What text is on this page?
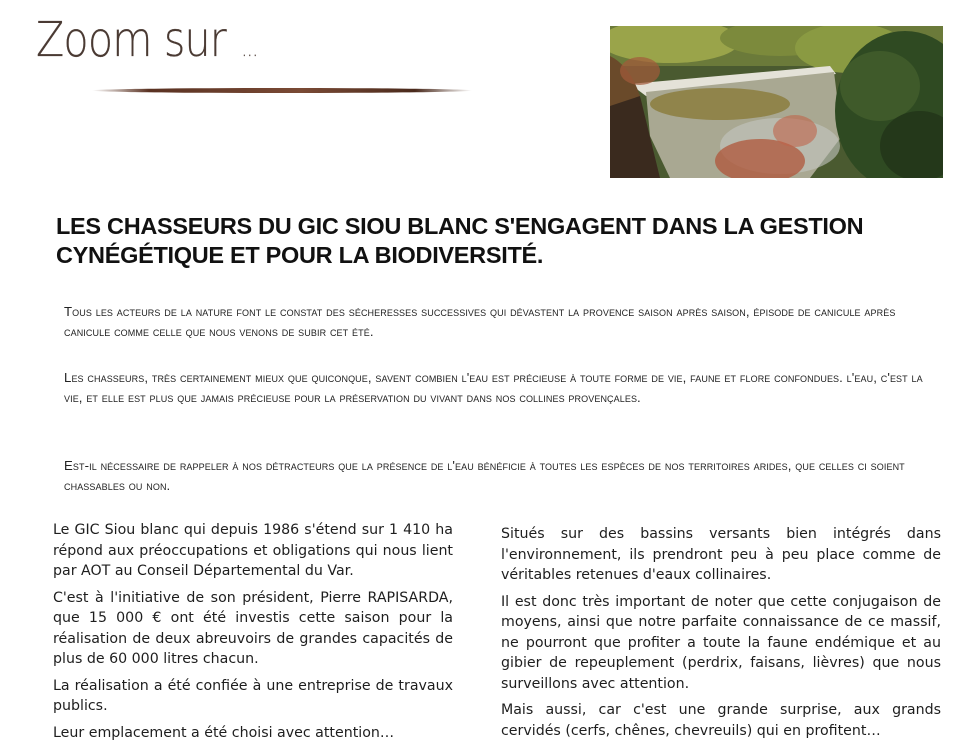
Zoom sur ...
LES CHASSEURS DU GIC SIOU BLANC S'ENGAGENT DANS LA GESTION CYNÉGÉTIQUE ET POUR LA BIODIVERSITÉ.

Tous les acteurs de la nature font le constat des sécheresses successives qui dévastent la provence saison après saison, épisode de canicule après canicule comme celle que nous venons de subir cet été.

Les chasseurs, très certainement mieux que quiconque, savent combien l'eau est précieuse à toute forme de vie, faune et flore confondues. l'eau, c'est la vie, et elle est plus que jamais précieuse pour la préservation du vivant dans nos collines provençales.

Est-il nécessaire de rappeler à nos détracteurs que la présence de l'eau bénéficie à toutes les espèces de nos territoires arides, que celles ci soient chassables ou non.

Le GIC Siou blanc qui depuis 1986 s'étend sur 1 410 ha répond aux préoccupations et obligations qui nous lient par AOT au Conseil Départemental du Var.

C'est à l'initiative de son président, Pierre RAPISARDA, que 15 000 € ont été investis cette saison pour la réalisation de deux abreuvoirs de grandes capacités de plus de 60 000 litres chacun.

La réalisation a été confiée à une entreprise de travaux publics.

Leur emplacement a été choisi avec attention…

Situés sur des bassins versants bien intégrés dans l'environnement, ils prendront peu à peu place comme de véritables retenues d'eaux collinaires.

Il est donc très important de noter que cette conjugaison de moyens, ainsi que notre parfaite connaissance de ce massif, ne pourront que profiter a toute la faune endémique et au gibier de repeuplement (perdrix, faisans, lièvres) que nous surveillons avec attention.

Mais aussi, car c'est une grande surprise, aux grands cervidés (cerfs, chênes, chevreuils) qui en profitent…
